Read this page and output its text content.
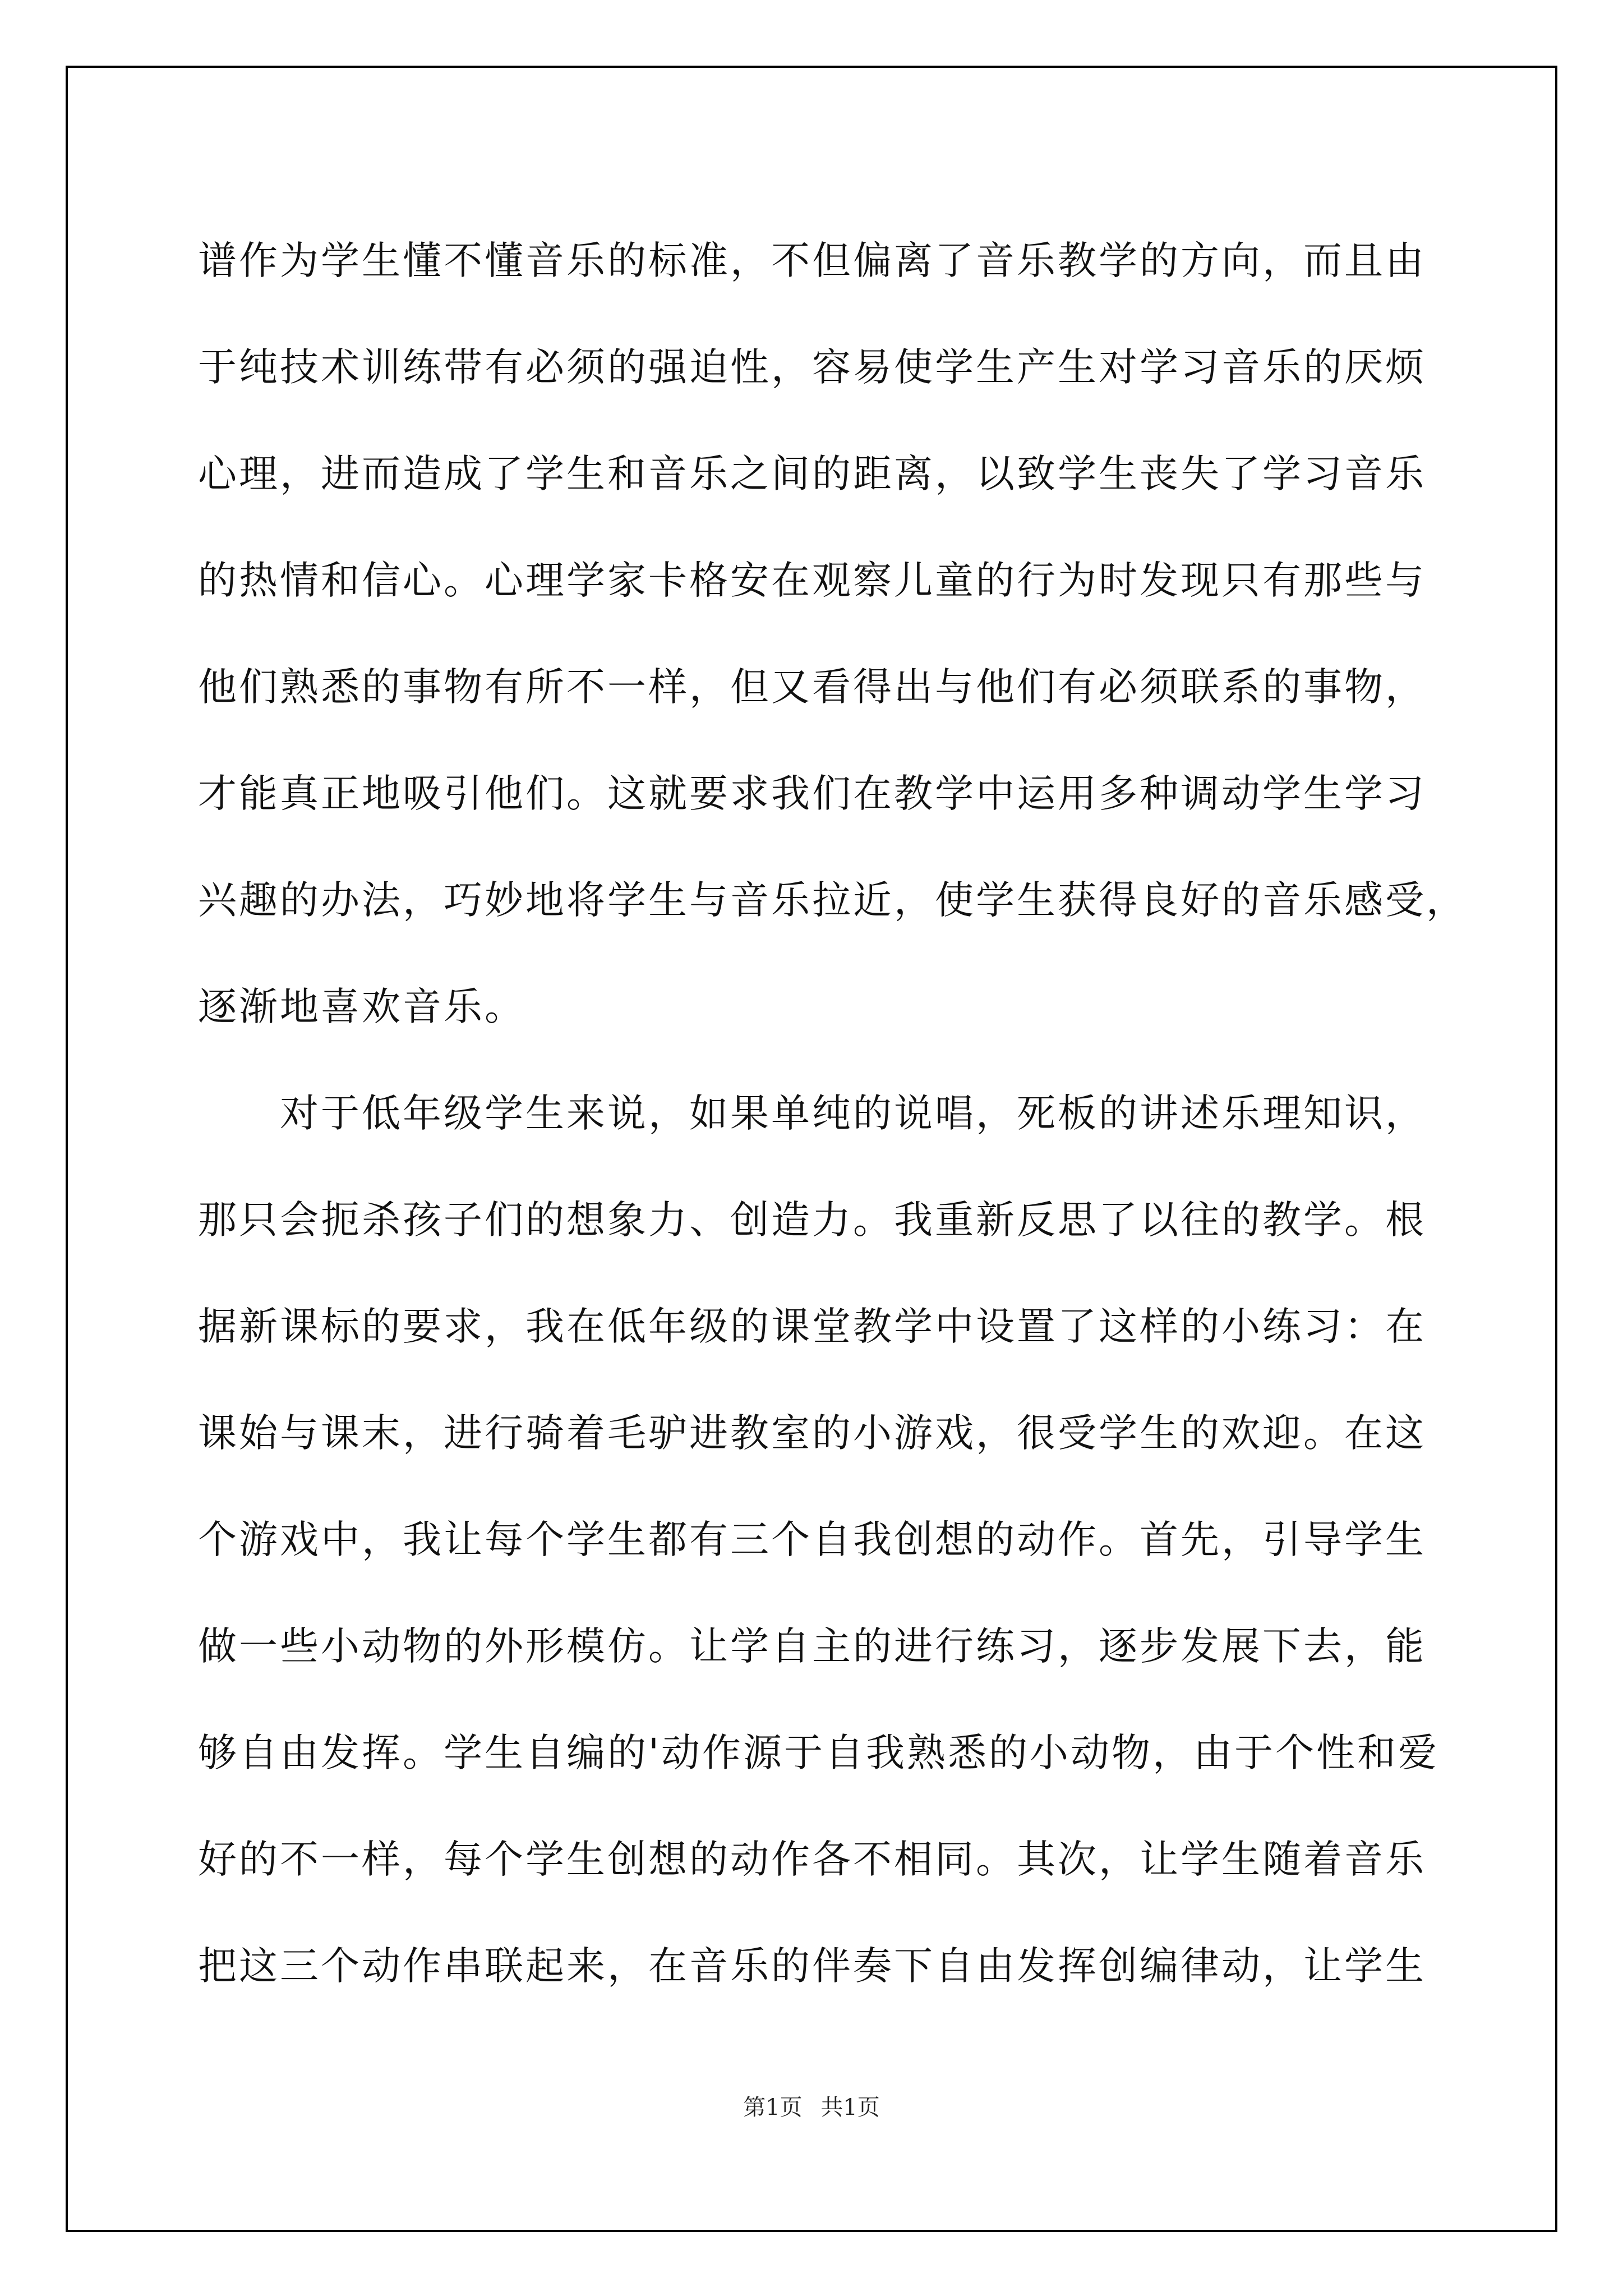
谱作为学生懂不懂音乐的标准，不但偏离了音乐教学的方向，而且由
于纯技术训练带有必须的强迫性，容易使学生产生对学习音乐的厌烦
心理，进而造成了学生和音乐之间的距离，以致学生丧失了学习音乐
的热情和信心。心理学家卡格安在观察儿童的行为时发现只有那些与
他们熟悉的事物有所不一样，但又看得出与他们有必须联系的事物，
才能真正地吸引他们。这就要求我们在教学中运用多种调动学生学习
兴趣的办法，巧妙地将学生与音乐拉近，使学生获得良好的音乐感受，
逐渐地喜欢音乐。
　　对于低年级学生来说，如果单纯的说唱，死板的讲述乐理知识，
那只会扼杀孩子们的想象力、创造力。我重新反思了以往的教学。根
据新课标的要求，我在低年级的课堂教学中设置了这样的小练习：在
课始与课末，进行骑着毛驴进教室的小游戏，很受学生的欢迎。在这
个游戏中，我让每个学生都有三个自我创想的动作。首先，引导学生
做一些小动物的外形模仿。让学自主的进行练习，逐步发展下去，能
够自由发挥。学生自编的'动作源于自我熟悉的小动物，由于个性和爱
好的不一样，每个学生创想的动作各不相同。其次，让学生随着音乐
把这三个动作串联起来，在音乐的伴奏下自由发挥创编律动，让学生
第1页 共1页
